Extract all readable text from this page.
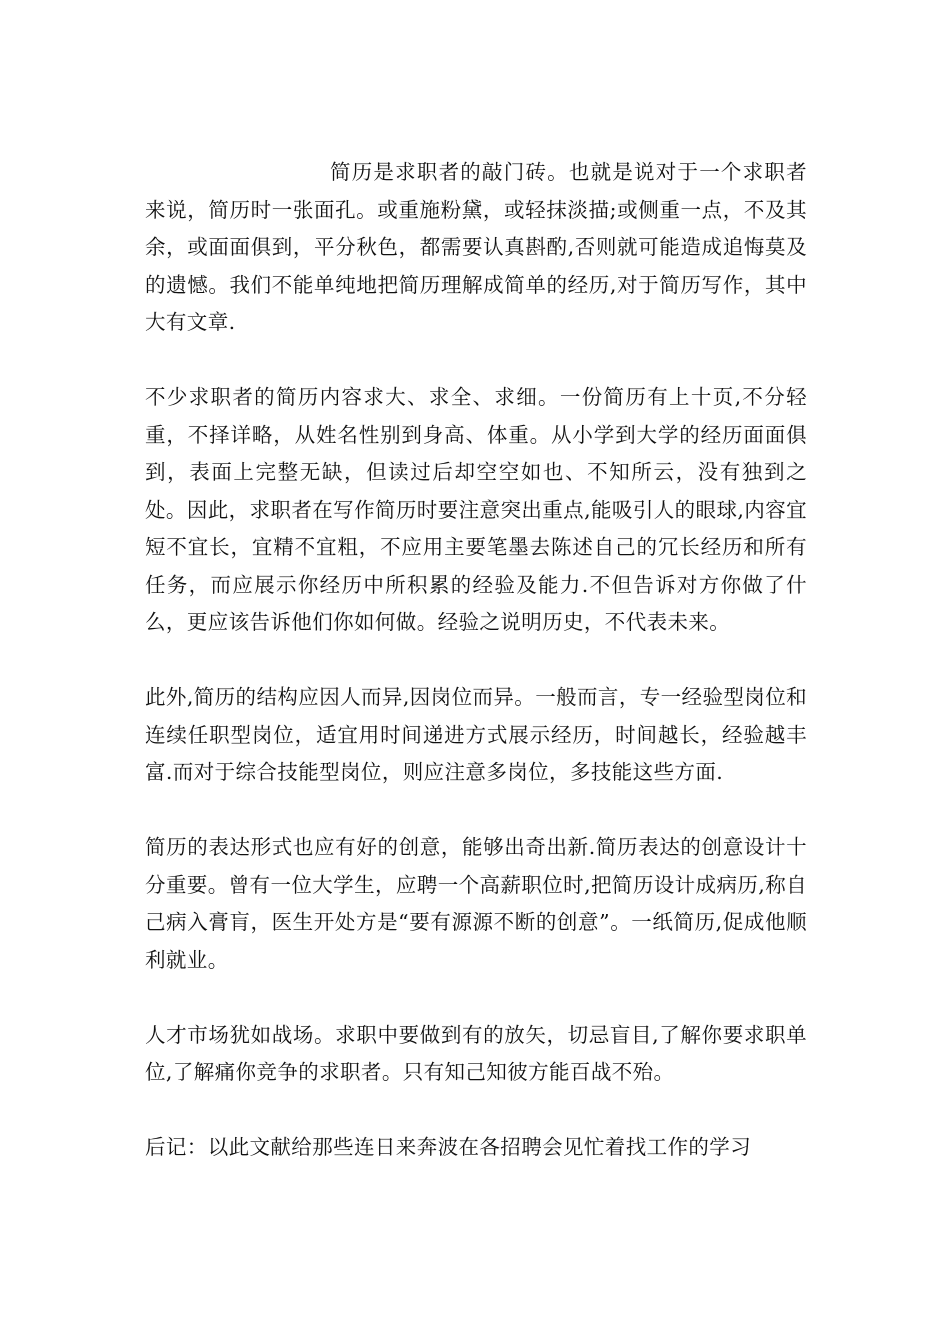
简历是求职者的敲门砖。也就是说对于一个求职者来说，简历时一张面孔。或重施粉黛，或轻抹淡描;或侧重一点，不及其余，或面面俱到，平分秋色，都需要认真斟酌,否则就可能造成追悔莫及的遗憾。我们不能单纯地把简历理解成简单的经历,对于简历写作，其中大有文章.

不少求职者的简历内容求大、求全、求细。一份简历有上十页,不分轻重，不择详略，从姓名性别到身高、体重。从小学到大学的经历面面俱到，表面上完整无缺，但读过后却空空如也、不知所云，没有独到之处。因此，求职者在写作简历时要注意突出重点,能吸引人的眼球,内容宜短不宜长，宜精不宜粗，不应用主要笔墨去陈述自己的冗长经历和所有任务，而应展示你经历中所积累的经验及能力.不但告诉对方你做了什么，更应该告诉他们你如何做。经验之说明历史，不代表未来。

此外,简历的结构应因人而异,因岗位而异。一般而言，专一经验型岗位和连续任职型岗位，适宜用时间递进方式展示经历，时间越长，经验越丰富.而对于综合技能型岗位，则应注意多岗位，多技能这些方面.

简历的表达形式也应有好的创意，能够出奇出新.简历表达的创意设计十分重要。曾有一位大学生，应聘一个高薪职位时,把简历设计成病历,称自己病入膏肓，医生开处方是“要有源源不断的创意”。一纸简历,促成他顺利就业。

人才市场犹如战场。求职中要做到有的放矢，切忌盲目,了解你要求职单位,了解痛你竞争的求职者。只有知己知彼方能百战不殆。

后记：以此文献给那些连日来奔波在各招聘会见忙着找工作的学习
